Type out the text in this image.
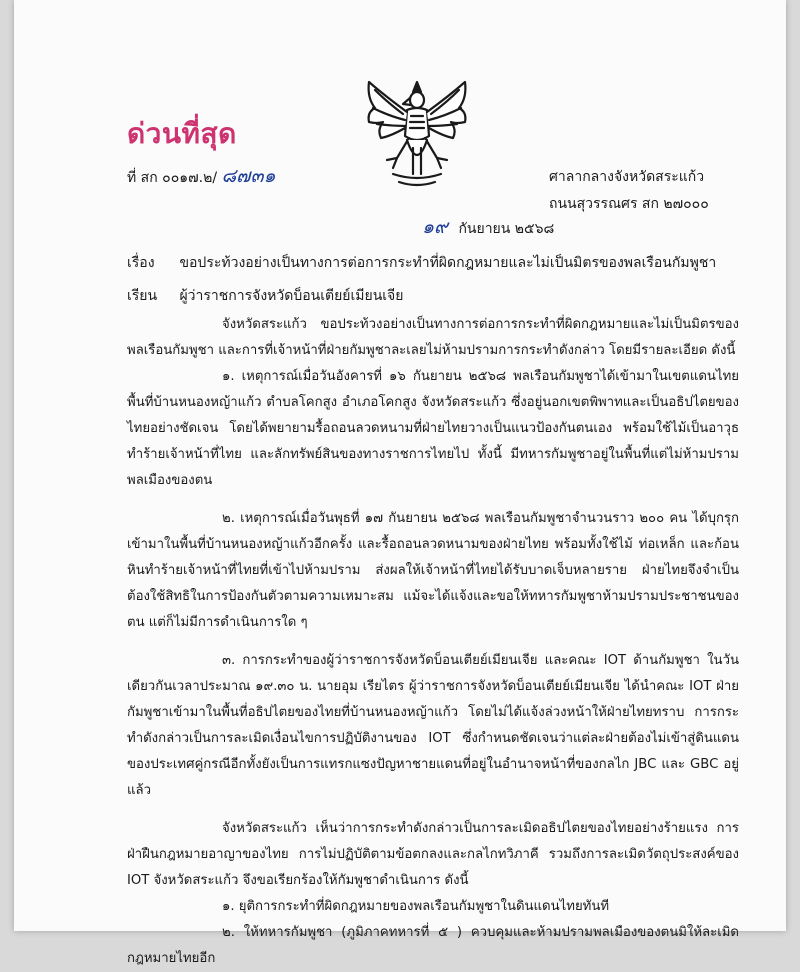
ด่วนที่สุด
ที่ สก ๐๐๑๗.๒/ ๘๗๓๑	ศาลากลางจังหวัดสระแก้ว
ถนนสุวรรณศร สก ๒๗๐๐๐
๑๙ กันยายน ๒๕๖๘
เรื่อง ขอประท้วงอย่างเป็นทางการต่อการกระทำที่ผิดกฎหมายและไม่เป็นมิตรของพลเรือนกัมพูชา
เรียน ผู้ว่าราชการจังหวัดบ็อนเตียย์เมียนเจีย

จังหวัดสระแก้ว ขอประท้วงอย่างเป็นทางการต่อการกระทำที่ผิดกฎหมายและไม่เป็นมิตรของพลเรือนกัมพูชา และการที่เจ้าหน้าที่ฝ่ายกัมพูชาละเลยไม่ห้ามปรามการกระทำดังกล่าว โดยมีรายละเอียด ดังนี้

๑. เหตุการณ์เมื่อวันอังคารที่ ๑๖ กันยายน ๒๕๖๘ พลเรือนกัมพูชาได้เข้ามาในเขตแดนไทยพื้นที่บ้านหนองหญ้าแก้ว ตำบลโคกสูง อำเภอโคกสูง จังหวัดสระแก้ว ซึ่งอยู่นอกเขตพิพาทและเป็นอธิปไตยของไทยอย่างชัดเจน โดยได้พยายามรื้อถอนลวดหนามที่ฝ่ายไทยวางเป็นแนวป้องกันตนเอง พร้อมใช้ไม้เป็นอาวุธทำร้ายเจ้าหน้าที่ไทย และลักทรัพย์สินของทางราชการไทยไป ทั้งนี้ มีทหารกัมพูชาอยู่ในพื้นที่แต่ไม่ห้ามปรามพลเมืองของตน

๒. เหตุการณ์เมื่อวันพุธที่ ๑๗ กันยายน ๒๕๖๘ พลเรือนกัมพูชาจำนวนราว ๒๐๐ คน ได้บุกรุกเข้ามาในพื้นที่บ้านหนองหญ้าแก้วอีกครั้ง และรื้อถอนลวดหนามของฝ่ายไทย พร้อมทั้งใช้ไม้ ท่อเหล็ก และก้อนหินทำร้ายเจ้าหน้าที่ไทยที่เข้าไปห้ามปราม ส่งผลให้เจ้าหน้าที่ไทยได้รับบาดเจ็บหลายราย ฝ่ายไทยจึงจำเป็นต้องใช้สิทธิในการป้องกันตัวตามความเหมาะสม แม้จะได้แจ้งและขอให้ทหารกัมพูชาห้ามปรามประชาชนของตน แต่ก็ไม่มีการดำเนินการใด ๆ

๓. การกระทำของผู้ว่าราชการจังหวัดบ็อนเตียย์เมียนเจีย และคณะ IOT ด้านกัมพูชา ในวันเดียวกันเวลาประมาณ ๑๙.๓๐ น. นายอุม เรียไตร ผู้ว่าราชการจังหวัดบ็อนเตียย์เมียนเจีย ได้นำคณะ IOT ฝ่าย กัมพูชาเข้ามาในพื้นที่อธิปไตยของไทยที่บ้านหนองหญ้าแก้ว โดยไม่ได้แจ้งล่วงหน้าให้ฝ่ายไทยทราบ การกระทำดังกล่าวเป็นการละเมิดเงื่อนไขการปฏิบัติงานของ IOT ซึ่งกำหนดชัดเจนว่าแต่ละฝ่ายต้องไม่เข้าสู่ดินแดนของประเทศคู่กรณีอีกทั้งยังเป็นการแทรกแซงปัญหาชายแดนที่อยู่ในอำนาจหน้าที่ของกลไก JBC และ GBC อยู่แล้ว

จังหวัดสระแก้ว เห็นว่าการกระทำดังกล่าวเป็นการละเมิดอธิปไตยของไทยอย่างร้ายแรง การฝ่าฝืนกฎหมายอาญาของไทย การไม่ปฏิบัติตามข้อตกลงและกลไกทวิภาคี รวมถึงการละเมิดวัตถุประสงค์ของ IOT จังหวัดสระแก้ว จึงขอเรียกร้องให้กัมพูชาดำเนินการ ดังนี้

๑. ยุติการกระทำที่ผิดกฎหมายของพลเรือนกัมพูชาในดินแดนไทยทันที

๒. ให้ทหารกัมพูชา (ภูมิภาคทหารที่ ๕ ) ควบคุมและห้ามปรามพลเมืองของตนมิให้ละเมิดกฎหมายไทยอีก
